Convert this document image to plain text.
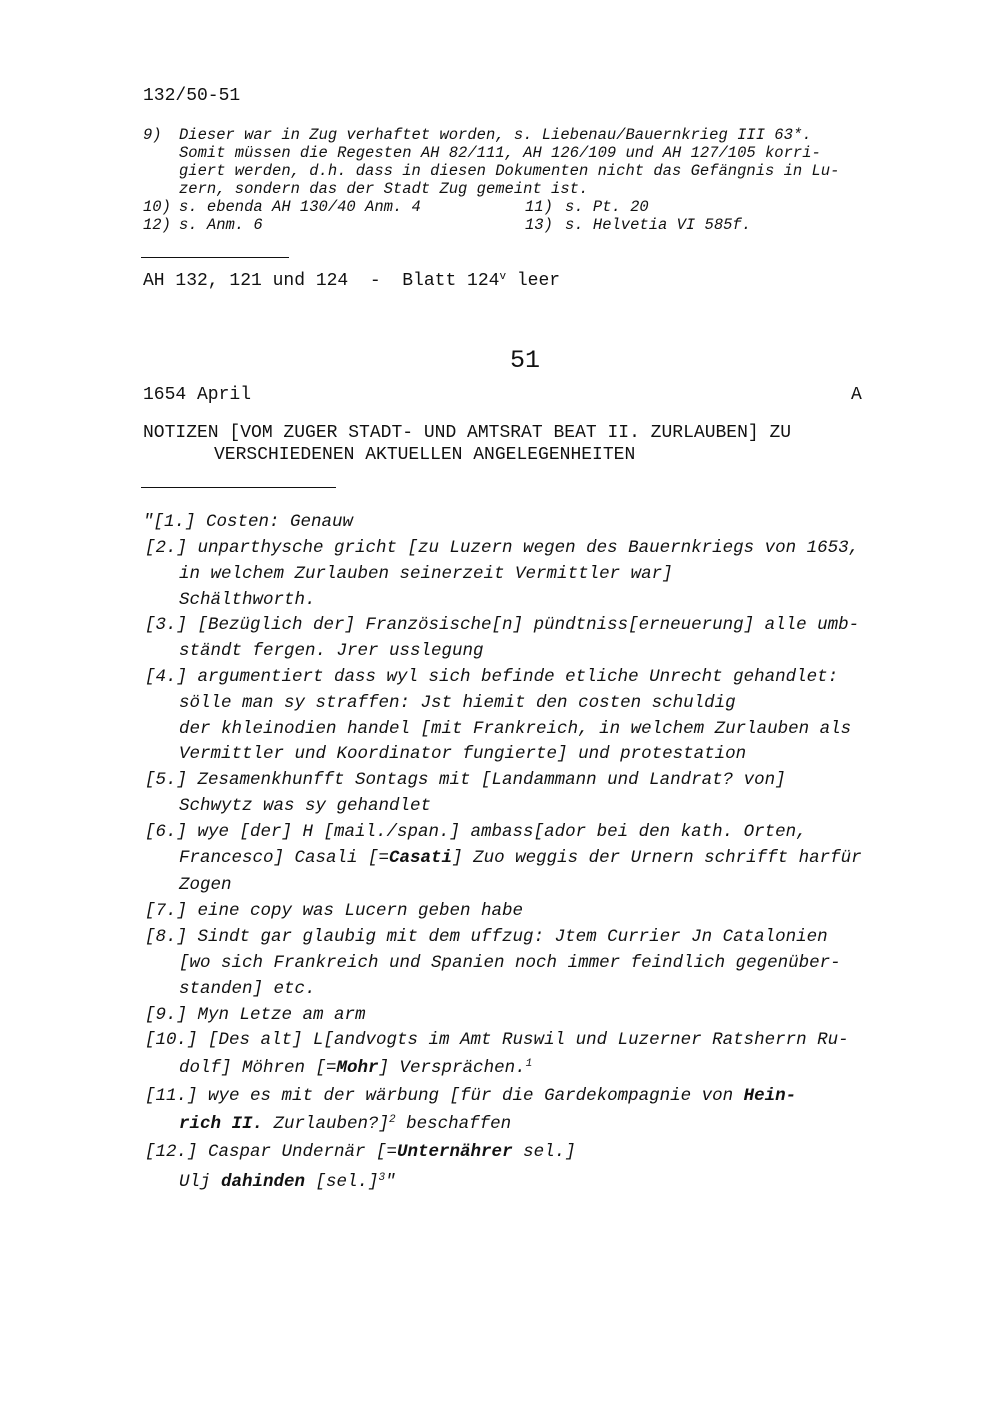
132/50-51
9) Dieser war in Zug verhaftet worden, s. Liebenau/Bauernkrieg III 63*.
Somit müssen die Regesten AH 82/111, AH 126/109 und AH 127/105 korri-
giert werden, d.h. dass in diesen Dokumenten nicht das Gefängnis in Lu-
zern, sondern das der Stadt Zug gemeint ist.
10) s. ebenda AH 130/40 Anm. 4	11) s. Pt. 20
12) s. Anm. 6	13) s. Helvetia VI 585f.
AH 132, 121 und 124  -  Blatt 124$^v$ leer
51
1654 April	A
NOTIZEN [VOM ZUGER STADT- UND AMTSRAT BEAT II. ZURLAUBEN] ZU
VERSCHIEDENEN AKTUELLEN ANGELEGENHEITEN
"[1.] Costen: Genauw
[2.] unparthysche gricht [zu Luzern wegen des Bauernkriegs von 1653,
in welchem Zurlauben seinerzeit Vermittler war]
Schälthworth.
[3.] [Bezüglich der] Französische[n] pündtniss[erneuerung] alle umb-
ständt fergen. Jrer usslegung
[4.] argumentiert dass wyl sich befinde etliche Unrecht gehandlet:
sölle man sy straffen: Jst hiemit den costen schuldig
der khleinodien handel [mit Frankreich, in welchem Zurlauben als
Vermittler und Koordinator fungierte] und protestation
[5.] Zesamenkhunfft Sontags mit [Landammann und Landrat? von]
Schwytz was sy gehandlet
[6.] wye [der] H [mail./span.] ambass[ador bei den kath. Orten,
Francesco] Casali [=Casati] Zuo weggis der Urnern schrifft harfür
Zogen
[7.] eine copy was Lucern geben habe
[8.] Sindt gar glaubig mit dem uffzug: Jtem Currier Jn Catalonien
[wo sich Frankreich und Spanien noch immer feindlich gegenüber-
standen] etc.
[9.] Myn Letze am arm
[10.] [Des alt] L[andvogts im Amt Ruswil und Luzerner Ratsherrn Ru-
dolf] Möhren [=Mohr] Versprächen.$^1$
[11.] wye es mit der wärbung [für die Gardekompagnie von Hein-
rich II. Zurlauben?]$^2$ beschaffen
[12.] Caspar Undernär [=Unternährer sel.]
Ulj dahinden $[sel.]^3$"
